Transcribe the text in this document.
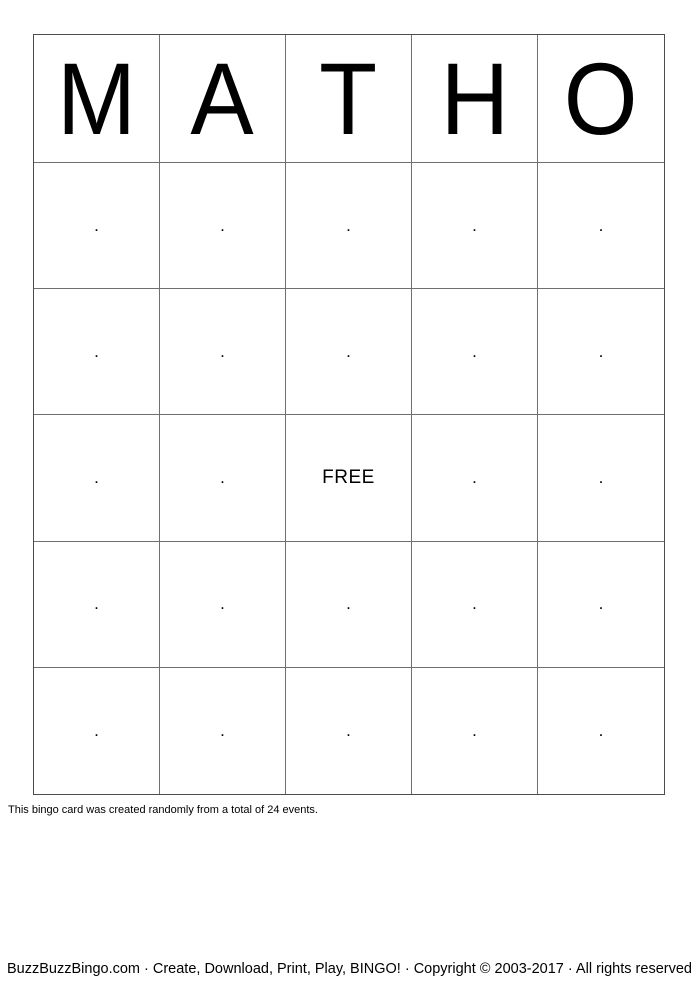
M A T H O
.	.	.	.	.
.	.	.	.	.
.	.	FREE	.	.
.	.	.	.	.
.	.	.	.	.
This bingo card was created randomly from a total of 24 events.
BuzzBuzzBingo.com · Create, Download, Print, Play, BINGO! · Copyright © 2003-2017 · All rights reserved
